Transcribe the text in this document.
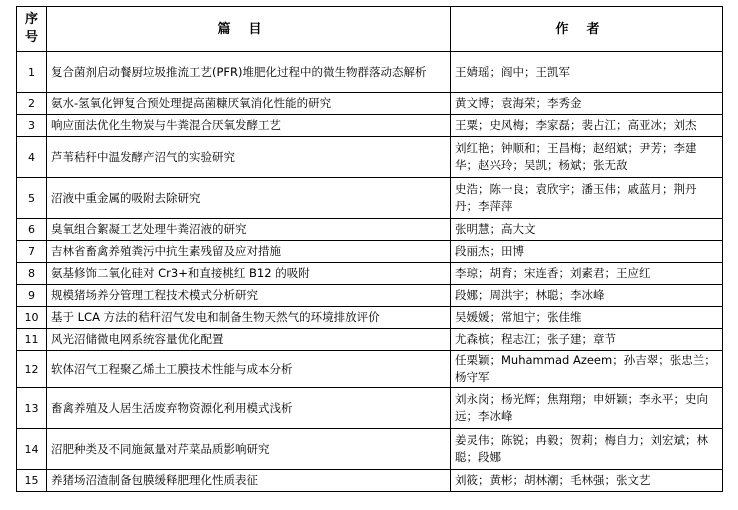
序
号	篇目	作者
1	复合菌剂启动餐厨垃圾推流工艺(PFR)堆肥化过程中的微生物群落动态解析	王婧瑶；阎中；王凯军
2	氨水-氢氧化钾复合预处理提高菌糠厌氧消化性能的研究	黄文博；袁海荣；李秀金
3	响应面法优化生物炭与牛粪混合厌氧发酵工艺	王粟；史风梅；李家磊；裴占江；高亚冰；刘杰
4	芦苇秸秆中温发酵产沼气的实验研究	刘红艳；钟顺和；王昌梅；赵绍斌；尹芳；李建华；赵兴玲；吴凯；杨斌；张无敌
5	沼液中重金属的吸附去除研究	史浩；陈一良；袁欣宇；潘玉伟；戚蓝月；荆丹丹；李萍萍
6	臭氧组合絮凝工艺处理牛粪沼液的研究	张明慧；高大文
7	吉林省畜禽养殖粪污中抗生素残留及应对措施	段丽杰；田博
8	氨基修饰二氧化硅对 Cr3+和直接桃红 B12 的吸附	李琼；胡育；宋连香；刘素君；王应红
9	规模猪场养分管理工程技术模式分析研究	段娜；周洪宇；林聪；李冰峰
10	基于 LCA 方法的秸秆沼气发电和制备生物天然气的环境排放评价	吴媛媛；常旭宁；张佳维
11	风光沼储微电网系统容量优化配置	尤森槟；程志江；张子建；章节
12	软体沼气工程聚乙烯土工膜技术性能与成本分析	任栗颖；Muhammad Azeem；孙吉翠；张忠兰；杨守军
13	畜禽养殖及人居生活废弃物资源化利用模式浅析	刘永岗；杨光辉；焦翔翔；申妍颖；李永平；史向远；李冰峰
14	沼肥种类及不同施氮量对芹菜品质影响研究	姜灵伟；陈锐；冉毅；贺莉；梅自力；刘宏斌；林聪；段娜
15	养猪场沼渣制备包膜缓释肥理化性质表征	刘筱；黄彬；胡林潮；毛林强；张文艺
